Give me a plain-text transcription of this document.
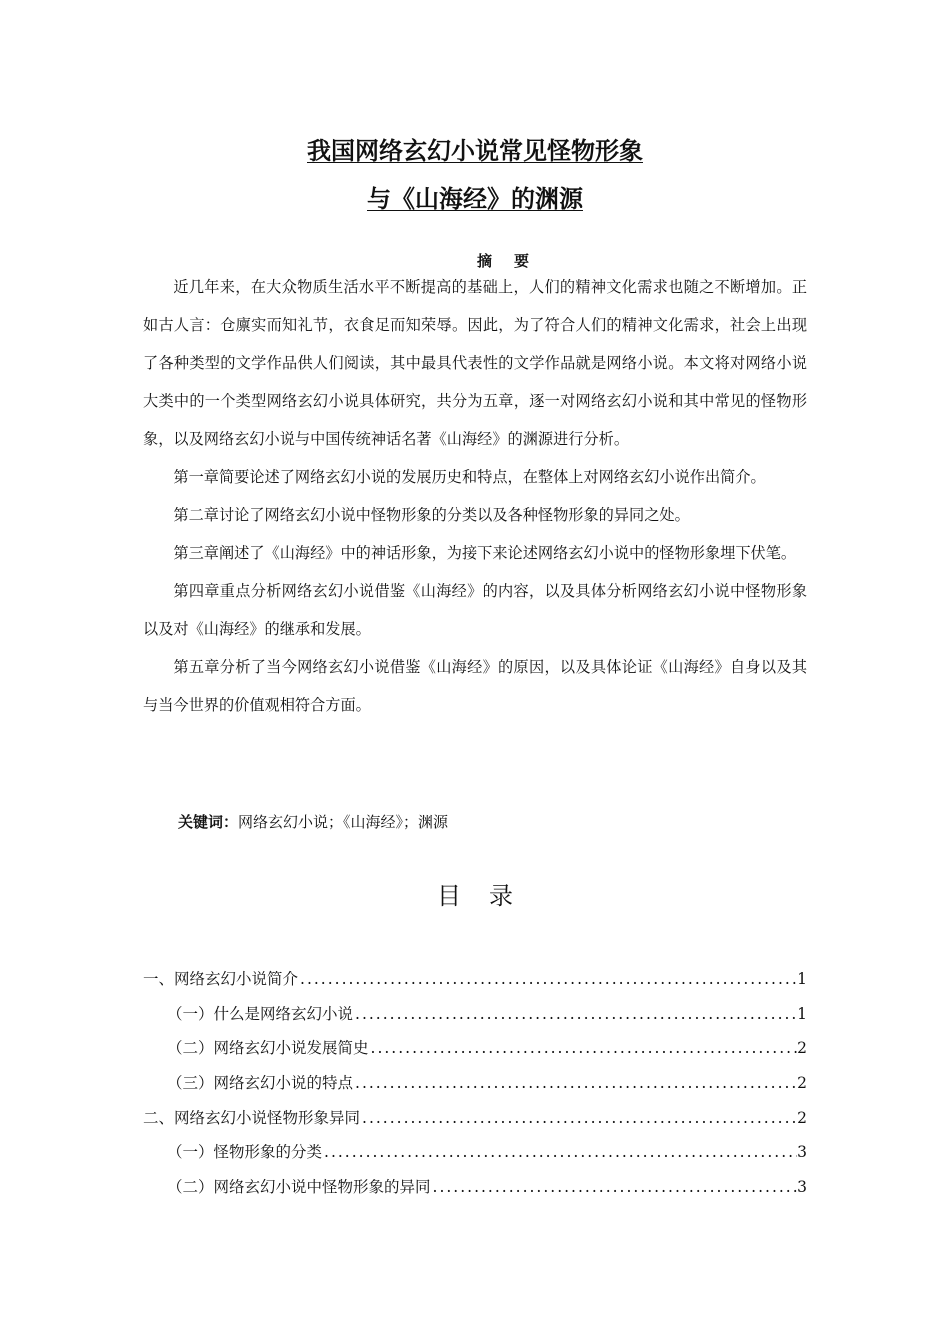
我国网络玄幻小说常见怪物形象
与《山海经》的渊源
摘要

近几年来，在大众物质生活水平不断提高的基础上，人们的精神文化需求也随之不断增加。正如古人言：仓廪实而知礼节，衣食足而知荣辱。因此，为了符合人们的精神文化需求，社会上出现了各种类型的文学作品供人们阅读，其中最具代表性的文学作品就是网络小说。本文将对网络小说大类中的一个类型网络玄幻小说具体研究，共分为五章，逐一对网络玄幻小说和其中常见的怪物形象，以及网络玄幻小说与中国传统神话名著《山海经》的渊源进行分析。

第一章简要论述了网络玄幻小说的发展历史和特点，在整体上对网络玄幻小说作出简介。

第二章讨论了网络玄幻小说中怪物形象的分类以及各种怪物形象的异同之处。

第三章阐述了《山海经》中的神话形象，为接下来论述网络玄幻小说中的怪物形象埋下伏笔。

第四章重点分析网络玄幻小说借鉴《山海经》的内容，以及具体分析网络玄幻小说中怪物形象以及对《山海经》的继承和发展。

第五章分析了当今网络玄幻小说借鉴《山海经》的原因，以及具体论证《山海经》自身以及其与当今世界的价值观相符合方面。

关键词：网络玄幻小说；《山海经》；渊源
目录
一、网络玄幻小说简介 .....	1
（一）什么是网络玄幻小说 .....	1
（二）网络玄幻小说发展简史 .....	2
（三）网络玄幻小说的特点 .....	2
二、网络玄幻小说怪物形象异同 .....	2
（一）怪物形象的分类 .....	3
（二）网络玄幻小说中怪物形象的异同 .....	3
